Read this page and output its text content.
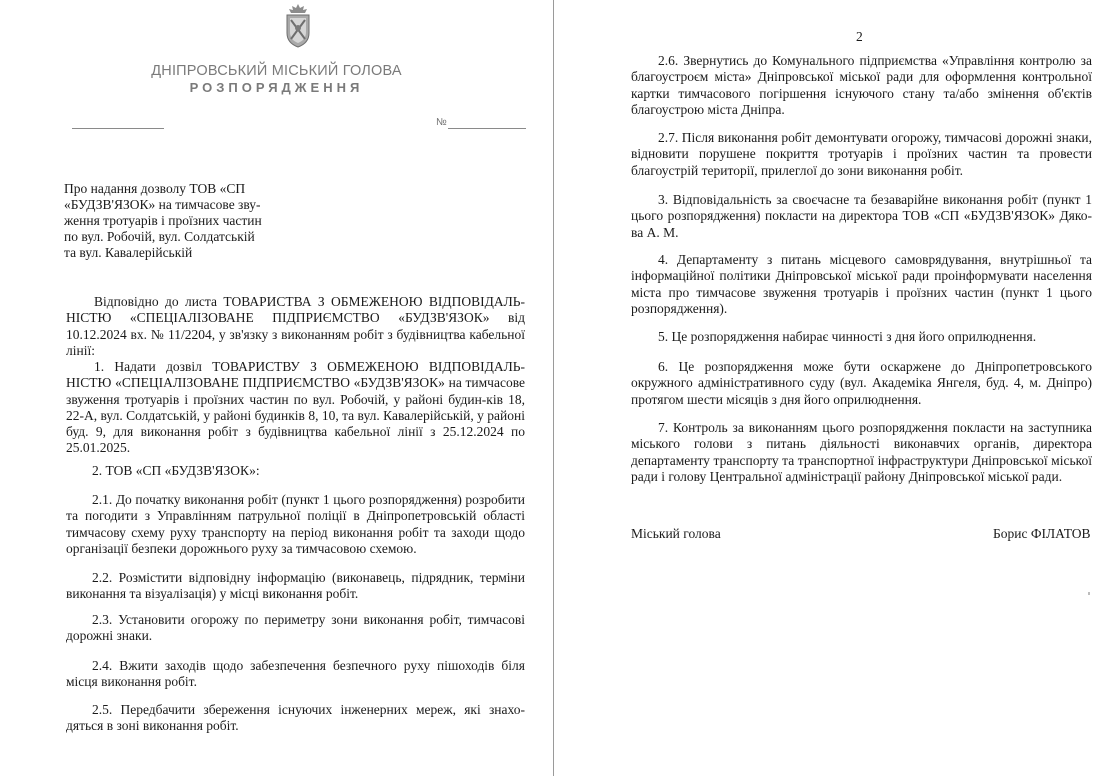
ДНІПРОВСЬКИЙ МІСЬКИЙ ГОЛОВА
РОЗПОРЯДЖЕННЯ
№
Про надання дозволу ТОВ «СП
«БУДЗВ'ЯЗОК» на тимчасове зву-
ження тротуарів і проїзних частин
по вул. Робочій, вул. Солдатській
та вул. Кавалерійській
Відповідно до листа ТОВАРИСТВА З ОБМЕЖЕНОЮ ВІДПОВІДАЛЬ-НІСТЮ «СПЕЦІАЛІЗОВАНЕ ПІДПРИЄМСТВО «БУДЗВ'ЯЗОК» від 10.12.2024 вх. № 11/2204, у зв'язку з виконанням робіт з будівництва кабельної лінії:
1. Надати дозвіл ТОВАРИСТВУ З ОБМЕЖЕНОЮ ВІДПОВІДАЛЬ-НІСТЮ «СПЕЦІАЛІЗОВАНЕ ПІДПРИЄМСТВО «БУДЗВ'ЯЗОК» на тимчасове звуження тротуарів і проїзних частин по вул. Робочій, у районі будин-ків 18, 22-А, вул. Солдатській, у районі будинків 8, 10, та вул. Кавалерійській, у районі буд. 9, для виконання робіт з будівництва кабельної лінії з 25.12.2024 по 25.01.2025.
2. ТОВ «СП «БУДЗВ'ЯЗОК»:
2.1. До початку виконання робіт (пункт 1 цього розпорядження) розробити та погодити з Управлінням патрульної поліції в Дніпропетровській області тимчасову схему руху транспорту на період виконання робіт та заходи щодо організації безпеки дорожнього руху за тимчасовою схемою.
2.2. Розмістити відповідну інформацію (виконавець, підрядник, терміни виконання та візуалізація) у місці виконання робіт.
2.3. Установити огорожу по периметру зони виконання робіт, тимчасові дорожні знаки.
2.4. Вжити заходів щодо забезпечення безпечного руху пішоходів біля місця виконання робіт.
2.5. Передбачити збереження існуючих інженерних мереж, які знахо-дяться в зоні виконання робіт.
2
2.6. Звернутись до Комунального підприємства «Управління контролю за благоустроєм міста» Дніпровської міської ради для оформлення контрольної картки тимчасового погіршення існуючого стану та/або змінення об'єктів благоустрою міста Дніпра.
2.7. Після виконання робіт демонтувати огорожу, тимчасові дорожні знаки, відновити порушене покриття тротуарів і проїзних частин та провести благоустрій території, прилеглої до зони виконання робіт.
3. Відповідальність за своєчасне та безаварійне виконання робіт (пункт 1 цього розпорядження) покласти на директора ТОВ «СП «БУДЗВ'ЯЗОК» Дяко-ва А. М.
4. Департаменту з питань місцевого самоврядування, внутрішньої та інформаційної політики Дніпровської міської ради проінформувати населення міста про тимчасове звуження тротуарів і проїзних частин (пункт 1 цього розпорядження).
5. Це розпорядження набирає чинності з дня його оприлюднення.
6. Це розпорядження може бути оскаржене до Дніпропетровського окружного адміністративного суду (вул. Академіка Янгеля, буд. 4, м. Дніпро) протягом шести місяців з дня його оприлюднення.
7. Контроль за виконанням цього розпорядження покласти на заступника міського голови з питань діяльності виконавчих органів, директора департаменту транспорту та транспортної інфраструктури Дніпровської міської ради і голову Центральної адміністрації району Дніпровської міської ради.
Міський голова	Борис ФІЛАТОВ
